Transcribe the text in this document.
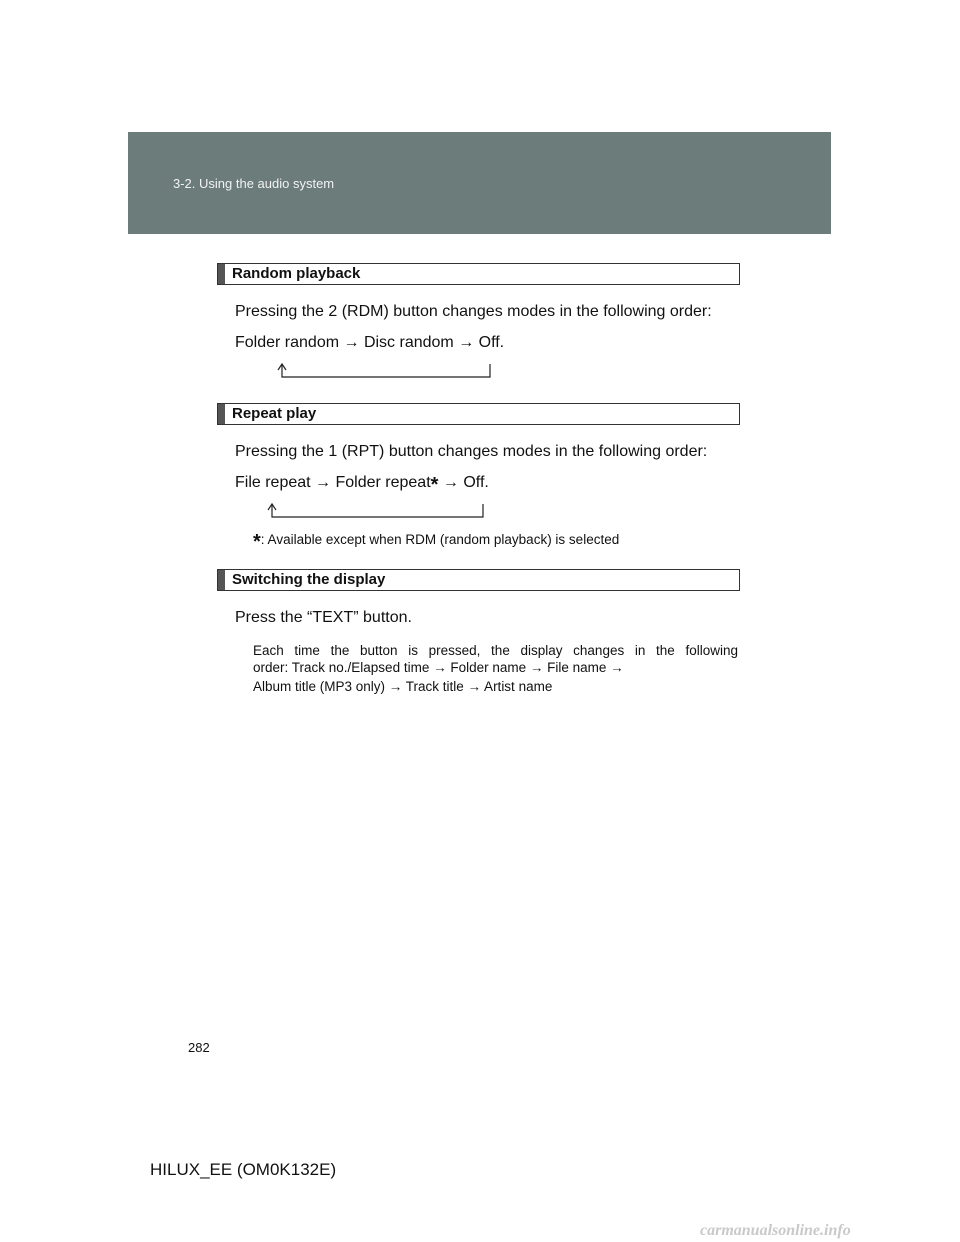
3-2. Using the audio system
Random playback
Pressing the 2 (RDM) button changes modes in the following order:
Folder random → Disc random → Off.
Repeat play
Pressing the 1 (RPT) button changes modes in the following order:
File repeat → Folder repeat* → Off.
*: Available except when RDM (random playback) is selected
Switching the display
Press the “TEXT” button.
Each time the button is pressed, the display changes in the following
order: Track no./Elapsed time → Folder name → File name →
Album title (MP3 only) → Track title → Artist name
282
HILUX_EE (OM0K132E)
carmanualsonline.info
